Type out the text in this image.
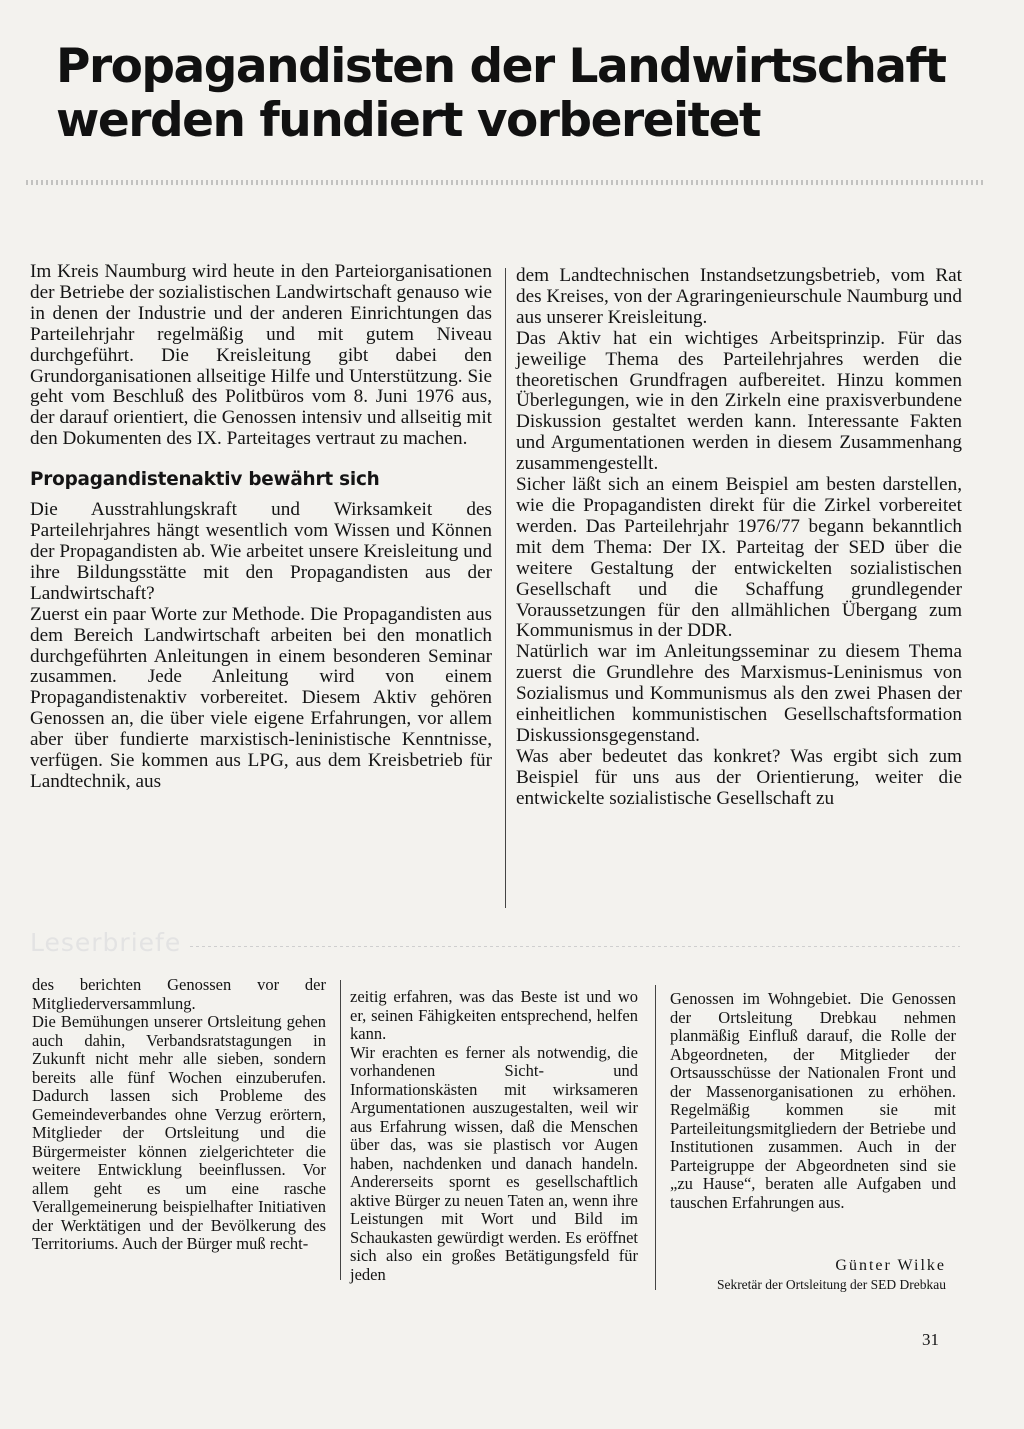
Propagandisten der Landwirtschaft
werden fundiert vorbereitet

Im Kreis Naumburg wird heute in den Parteiorganisationen der Betriebe der sozialistischen Landwirtschaft genauso wie in denen der Industrie und der anderen Einrichtungen das Parteilehrjahr regelmäßig und mit gutem Niveau durchgeführt. Die Kreisleitung gibt dabei den Grundorganisationen allseitige Hilfe und Unterstützung. Sie geht vom Beschluß des Politbüros vom 8. Juni 1976 aus, der darauf orientiert, die Genossen intensiv und allseitig mit den Dokumenten des IX. Parteitages vertraut zu machen.

Propagandistenaktiv bewährt sich

Die Ausstrahlungskraft und Wirksamkeit des Parteilehrjahres hängt wesentlich vom Wissen und Können der Propagandisten ab. Wie arbeitet unsere Kreisleitung und ihre Bildungsstätte mit den Propagandisten aus der Landwirtschaft?

Zuerst ein paar Worte zur Methode. Die Propagandisten aus dem Bereich Landwirtschaft arbeiten bei den monatlich durchgeführten Anleitungen in einem besonderen Seminar zusammen. Jede Anleitung wird von einem Propagandistenaktiv vorbereitet. Diesem Aktiv gehören Genossen an, die über viele eigene Erfahrungen, vor allem aber über fundierte marxistisch-leninistische Kenntnisse, verfügen. Sie kommen aus LPG, aus dem Kreisbetrieb für Landtechnik, aus

dem Landtechnischen Instandsetzungsbetrieb, vom Rat des Kreises, von der Agraringenieurschule Naumburg und aus unserer Kreisleitung.

Das Aktiv hat ein wichtiges Arbeitsprinzip. Für das jeweilige Thema des Parteilehrjahres werden die theoretischen Grundfragen aufbereitet. Hinzu kommen Überlegungen, wie in den Zirkeln eine praxisverbundene Diskussion gestaltet werden kann. Interessante Fakten und Argumentationen werden in diesem Zusammenhang zusammengestellt.

Sicher läßt sich an einem Beispiel am besten darstellen, wie die Propagandisten direkt für die Zirkel vorbereitet werden. Das Parteilehrjahr 1976/77 begann bekanntlich mit dem Thema: Der IX. Parteitag der SED über die weitere Gestaltung der entwickelten sozialistischen Gesellschaft und die Schaffung grundlegender Voraussetzungen für den allmählichen Übergang zum Kommunismus in der DDR.

Natürlich war im Anleitungsseminar zu diesem Thema zuerst die Grundlehre des Marxismus-Leninismus von Sozialismus und Kommunismus als den zwei Phasen der einheitlichen kommunistischen Gesellschaftsformation Diskussionsgegenstand.

Was aber bedeutet das konkret? Was ergibt sich zum Beispiel für uns aus der Orientierung, weiter die entwickelte sozialistische Gesellschaft zu

Leserbriefe

des berichten Genossen vor der Mitgliederversammlung.

Die Bemühungen unserer Ortsleitung gehen auch dahin, Verbandsratstagungen in Zukunft nicht mehr alle sieben, sondern bereits alle fünf Wochen einzuberufen. Dadurch lassen sich Probleme des Gemeindeverbandes ohne Verzug erörtern, Mitglieder der Ortsleitung und die Bürgermeister können zielgerichteter die weitere Entwicklung beeinflussen. Vor allem geht es um eine rasche Verallgemeinerung beispielhafter Initiativen der Werktätigen und der Bevölkerung des Territoriums. Auch der Bürger muß recht-

zeitig erfahren, was das Beste ist und wo er, seinen Fähigkeiten entsprechend, helfen kann.

Wir erachten es ferner als notwendig, die vorhandenen Sicht- und Informationskästen mit wirksameren Argumentationen auszugestalten, weil wir aus Erfahrung wissen, daß die Menschen über das, was sie plastisch vor Augen haben, nachdenken und danach handeln. Andererseits spornt es gesellschaftlich aktive Bürger zu neuen Taten an, wenn ihre Leistungen mit Wort und Bild im Schaukasten gewürdigt werden. Es eröffnet sich also ein großes Betätigungsfeld für jeden

Genossen im Wohngebiet. Die Genossen der Ortsleitung Drebkau nehmen planmäßig Einfluß darauf, die Rolle der Abgeordneten, der Mitglieder der Ortsausschüsse der Nationalen Front und der Massenorganisationen zu erhöhen. Regelmäßig kommen sie mit Parteileitungsmitgliedern der Betriebe und Institutionen zusammen. Auch in der Parteigruppe der Abgeordneten sind sie „zu Hause“, beraten alle Aufgaben und tauschen Erfahrungen aus.

Günter Wilke
Sekretär der Ortsleitung der SED Drebkau
31
